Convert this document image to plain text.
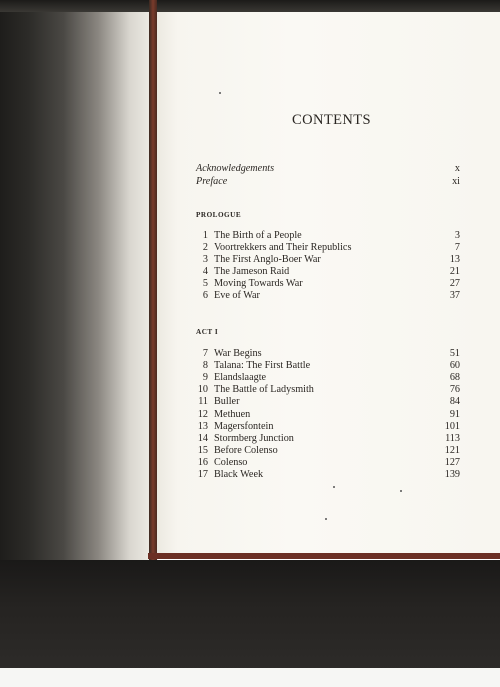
CONTENTS
Acknowledgements	x
Preface	xi
PROLOGUE
1 The Birth of a People	3
2 Voortrekkers and Their Republics	7
3 The First Anglo-Boer War	13
4 The Jameson Raid	21
5 Moving Towards War	27
6 Eve of War	37
ACT I
7 War Begins	51
8 Talana: The First Battle	60
9 Elandslaagte	68
10 The Battle of Ladysmith	76
11 Buller	84
12 Methuen	91
13 Magersfontein	101
14 Stormberg Junction	113
15 Before Colenso	121
16 Colenso	127
17 Black Week	139
